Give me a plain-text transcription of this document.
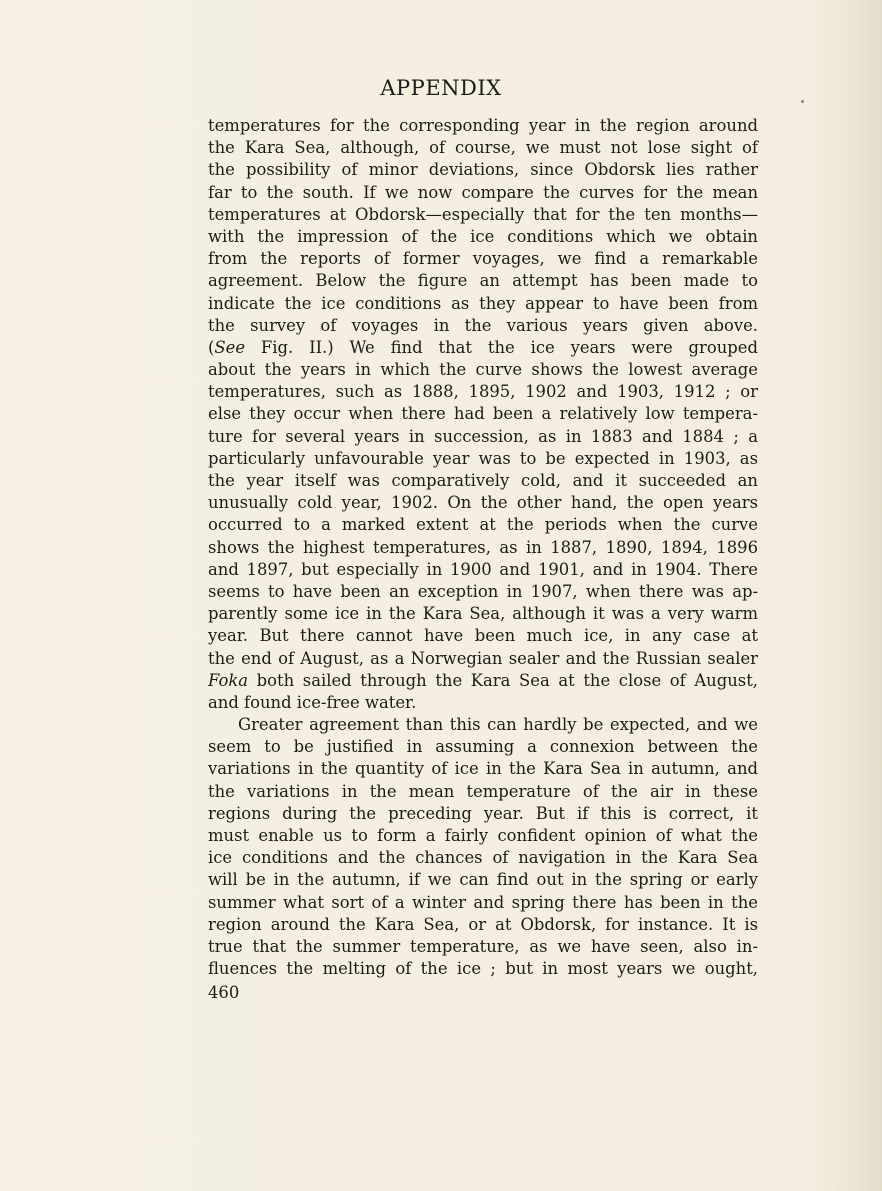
APPENDIX
temperatures for the corresponding year in the region around
the Kara Sea, although, of course, we must not lose sight of
the possibility of minor deviations, since Obdorsk lies rather
far to the south. If we now compare the curves for the mean
temperatures at Obdorsk—especially that for the ten months—
with the impression of the ice conditions which we obtain
from the reports of former voyages, we find a remarkable
agreement. Below the figure an attempt has been made to
indicate the ice conditions as they appear to have been from
the survey of voyages in the various years given above.
(See Fig. II.) We find that the ice years were grouped
about the years in which the curve shows the lowest average
temperatures, such as 1888, 1895, 1902 and 1903, 1912 ; or
else they occur when there had been a relatively low tempera-
ture for several years in succession, as in 1883 and 1884 ; a
particularly unfavourable year was to be expected in 1903, as
the year itself was comparatively cold, and it succeeded an
unusually cold year, 1902. On the other hand, the open years
occurred to a marked extent at the periods when the curve
shows the highest temperatures, as in 1887, 1890, 1894, 1896
and 1897, but especially in 1900 and 1901, and in 1904. There
seems to have been an exception in 1907, when there was ap-
parently some ice in the Kara Sea, although it was a very warm
year. But there cannot have been much ice, in any case at
the end of August, as a Norwegian sealer and the Russian sealer
Foka both sailed through the Kara Sea at the close of August,
and found ice-free water.
Greater agreement than this can hardly be expected, and we
seem to be justified in assuming a connexion between the
variations in the quantity of ice in the Kara Sea in autumn, and
the variations in the mean temperature of the air in these
regions during the preceding year. But if this is correct, it
must enable us to form a fairly confident opinion of what the
ice conditions and the chances of navigation in the Kara Sea
will be in the autumn, if we can find out in the spring or early
summer what sort of a winter and spring there has been in the
region around the Kara Sea, or at Obdorsk, for instance. It is
true that the summer temperature, as we have seen, also in-
fluences the melting of the ice ; but in most years we ought,
460
